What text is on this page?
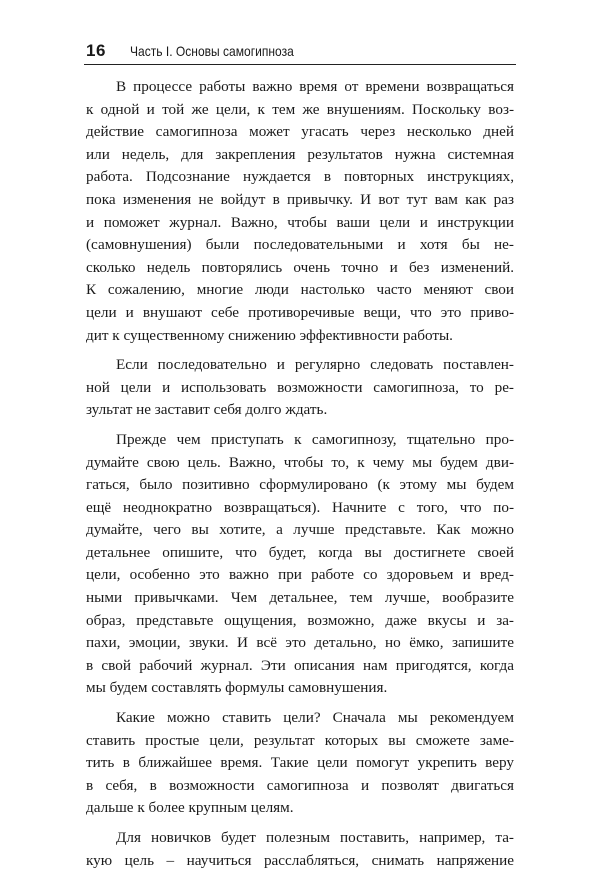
16 Часть I. Основы самогипноза
В процессе работы важно время от времени возвращаться
к одной и той же цели, к тем же внушениям. Поскольку воз-
действие самогипноза может угасать через несколько дней
или недель, для закрепления результатов нужна системная
работа. Подсознание нуждается в повторных инструкциях,
пока изменения не войдут в привычку. И вот тут вам как раз
и поможет журнал. Важно, чтобы ваши цели и инструкции
(самовнушения) были последовательными и хотя бы не-
сколько недель повторялись очень точно и без изменений.
К сожалению, многие люди настолько часто меняют свои
цели и внушают себе противоречивые вещи, что это приво-
дит к существенному снижению эффективности работы.
Если последовательно и регулярно следовать поставлен-
ной цели и использовать возможности самогипноза, то ре-
зультат не заставит себя долго ждать.
Прежде чем приступать к самогипнозу, тщательно про-
думайте свою цель. Важно, чтобы то, к чему мы будем дви-
гаться, было позитивно сформулировано (к этому мы будем
ещё неоднократно возвращаться). Начните с того, что по-
думайте, чего вы хотите, а лучше представьте. Как можно
детальнее опишите, что будет, когда вы достигнете своей
цели, особенно это важно при работе со здоровьем и вред-
ными привычками. Чем детальнее, тем лучше, вообразите
образ, представьте ощущения, возможно, даже вкусы и за-
пахи, эмоции, звуки. И всё это детально, но ёмко, запишите
в свой рабочий журнал. Эти описания нам пригодятся, когда
мы будем составлять формулы самовнушения.
Какие можно ставить цели? Сначала мы рекомендуем
ставить простые цели, результат которых вы сможете заме-
тить в ближайшее время. Такие цели помогут укрепить веру
в себя, в возможности самогипноза и позволят двигаться
дальше к более крупным целям.
Для новичков будет полезным поставить, например, та-
кую цель – научиться расслабляться, снимать напряжение
